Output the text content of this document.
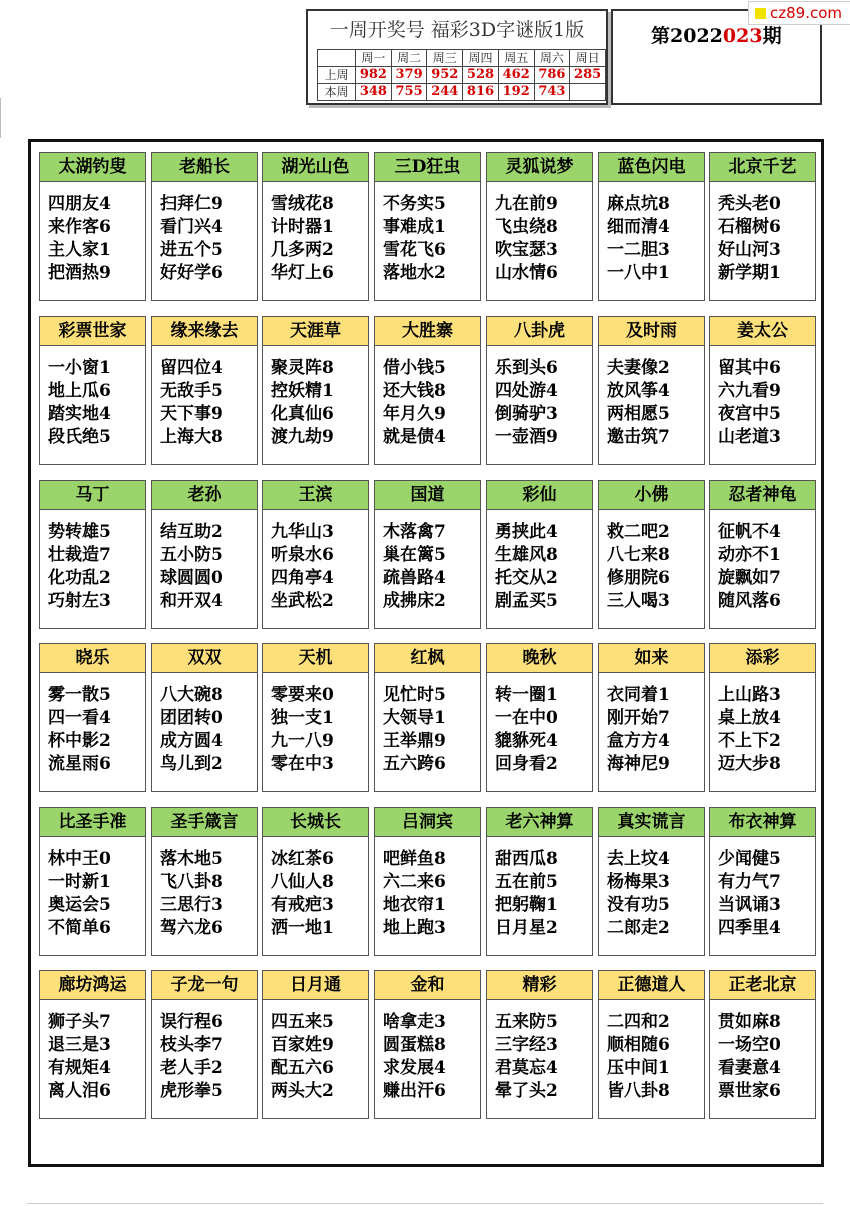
一周开奖号 福彩3D字谜版1版
	周一	周二	周三	周四	周五	周六	周日
上周	982	379	952	528	462	786	285
本周	348	755	244	816	192	743	
第2022023期
cz89.com
太湖钓叟
四朋友4
来作客6
主人家1
把酒热9
老船长
扫拜仁9
看门兴4
进五个5
好好学6
湖光山色
雪绒花8
计时器1
几多两2
华灯上6
三D狂虫
不务实5
事难成1
雪花飞6
落地水2
灵狐说梦
九在前9
飞虫绕8
吹宝瑟3
山水情6
蓝色闪电
麻点坑8
细而清4
一二胆3
一八中1
北京千艺
秃头老0
石榴树6
好山河3
新学期1
彩票世家
一小窗1
地上瓜6
踏实地4
段氏绝5
缘来缘去
留四位4
无敌手5
天下事9
上海大8
天涯草
聚灵阵8
控妖精1
化真仙6
渡九劫9
大胜寨
借小钱5
还大钱8
年月久9
就是债4
八卦虎
乐到头6
四处游4
倒骑驴3
一壶酒9
及时雨
夫妻像2
放风筝4
两相愿5
邀击筑7
姜太公
留其中6
六九看9
夜宫中5
山老道3
马丁
势转雄5
壮裁造7
化功乱2
巧射左3
老孙
结互助2
五小防5
球圆圆0
和开双4
王滨
九华山3
听泉水6
四角亭4
坐武松2
国道
木落禽7
巢在篱5
疏兽路4
成拂床2
彩仙
勇挟此4
生雄风8
托交从2
剧孟买5
小佛
救二吧2
八七来8
修朋院6
三人喝3
忍者神龟
征帆不4
动亦不1
旋飘如7
随风落6
晓乐
雾一散5
四一看4
杯中影2
流星雨6
双双
八大碗8
团团转0
成方圆4
鸟儿到2
天机
零要来0
独一支1
九一八9
零在中3
红枫
见忙时5
大领导1
王举鼎9
五六跨6
晚秋
转一圈1
一在中0
貔貅死4
回身看2
如来
衣同着1
刚开始7
盒方方4
海神尼9
添彩
上山路3
桌上放4
不上下2
迈大步8
比圣手准
林中王0
一时新1
奥运会5
不简单6
圣手箴言
落木地5
飞八卦8
三思行3
驾六龙6
长城长
冰红茶6
八仙人8
有戒疤3
洒一地1
吕洞宾
吧鲜鱼8
六二来6
地衣帘1
地上跑3
老六神算
甜西瓜8
五在前5
把躬鞠1
日月星2
真实谎言
去上坟4
杨梅果3
没有功5
二郎走2
布衣神算
少闻健5
有力气7
当讽诵3
四季里4
廊坊鸿运
狮子头7
退三是3
有规矩4
离人泪6
子龙一句
误行程6
枝头李7
老人手2
虎形拳5
日月通
四五来5
百家姓9
配五六6
两头大2
金和
啥拿走3
圆蛋糕8
求发展4
赚出汗6
精彩
五来防5
三字经3
君莫忘4
晕了头2
正德道人
二四和2
顺相随6
压中间1
皆八卦8
正老北京
贯如麻8
一场空0
看妻意4
票世家6
